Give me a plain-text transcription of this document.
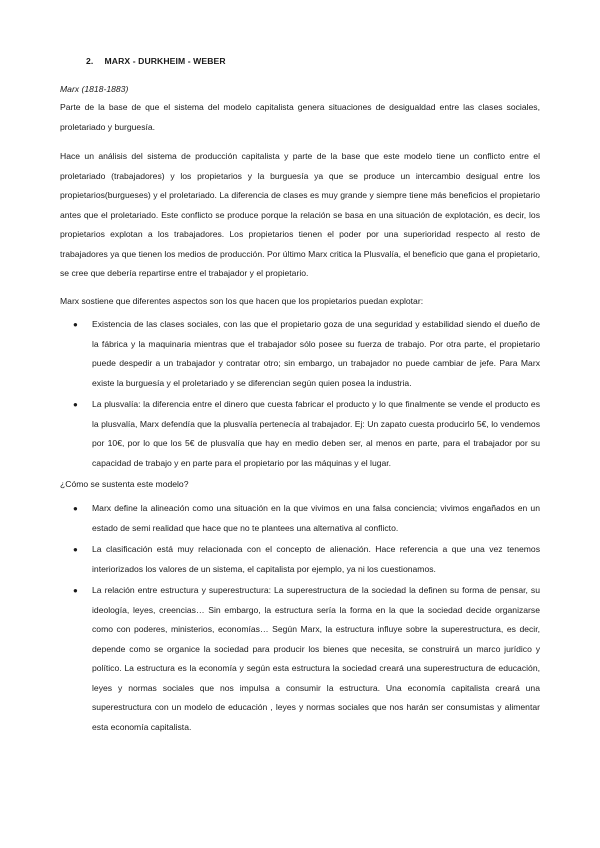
2. MARX - DURKHEIM - WEBER
Marx (1818-1883)

Parte de la base de que el sistema del modelo capitalista genera situaciones de desigualdad entre las clases sociales, proletariado y burguesía.

Hace un análisis del sistema de producción capitalista y parte de la base que este modelo tiene un conflicto entre el proletariado (trabajadores) y los propietarios y la burguesía ya que se produce un intercambio desigual entre los propietarios(burgueses) y el proletariado. La diferencia de clases es muy grande y siempre tiene más beneficios el propietario antes que el proletariado. Este conflicto se produce porque la relación se basa en una situación de explotación, es decir, los propietarios explotan a los trabajadores. Los propietarios tienen el poder por una superioridad respecto al resto de trabajadores ya que tienen los medios de producción. Por último Marx critica la Plusvalía, el beneficio que gana el propietario, se cree que debería repartirse entre el trabajador y el propietario.

Marx sostiene que diferentes aspectos son los que hacen que los propietarios puedan explotar:

● Existencia de las clases sociales, con las que el propietario goza de una seguridad y estabilidad siendo el dueño de la fábrica y la maquinaria mientras que el trabajador sólo posee su fuerza de trabajo. Por otra parte, el propietario puede despedir a un trabajador y contratar otro; sin embargo, un trabajador no puede cambiar de jefe. Para Marx existe la burguesía y el proletariado y se diferencian según quien posea la industria.
● La plusvalía: la diferencia entre el dinero que cuesta fabricar el producto y lo que finalmente se vende el producto es la plusvalía, Marx defendía que la plusvalía pertenecía al trabajador. Ej: Un zapato cuesta producirlo 5€, lo vendemos por 10€, por lo que los 5€ de plusvalía que hay en medio deben ser, al menos en parte, para el trabajador por su capacidad de trabajo y en parte para el propietario por las máquinas y el lugar.
¿Cómo se sustenta este modelo?
● Marx define la alineación como una situación en la que vivimos en una falsa conciencia; vivimos engañados en un estado de semi realidad que hace que no te plantees una alternativa al conflicto.
● La clasificación está muy relacionada con el concepto de alienación. Hace referencia a que una vez tenemos interiorizados los valores de un sistema, el capitalista por ejemplo, ya ni los cuestionamos.
● La relación entre estructura y superestructura: La superestructura de la sociedad la definen su forma de pensar, su ideología, leyes, creencias… Sin embargo, la estructura sería la forma en la que la sociedad decide organizarse como con poderes, ministerios, economías… Según Marx, la estructura influye sobre la superestructura, es decir, depende como se organice la sociedad para producir los bienes que necesita, se construirá un marco jurídico y político. La estructura es la economía y según esta estructura la sociedad creará una superestructura de educación, leyes y normas sociales que nos impulsa a consumir la estructura. Una economía capitalista creará una superestructura con un modelo de educación , leyes y normas sociales que nos harán ser consumistas y alimentar esta economía capitalista.
